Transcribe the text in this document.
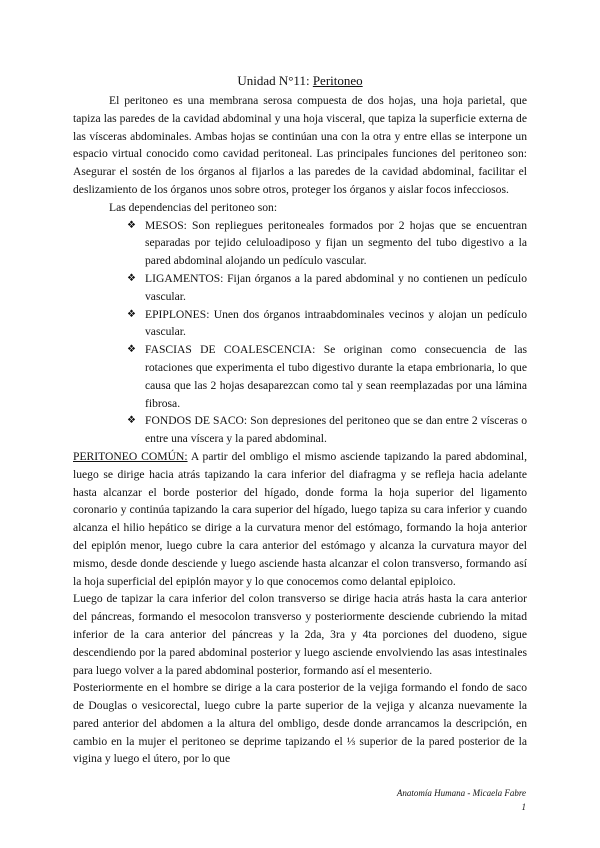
Unidad N°11: Peritoneo

El peritoneo es una membrana serosa compuesta de dos hojas, una hoja parietal, que tapiza las paredes de la cavidad abdominal y una hoja visceral, que tapiza la superficie externa de las vísceras abdominales. Ambas hojas se continúan una con la otra y entre ellas se interpone un espacio virtual conocido como cavidad peritoneal. Las principales funciones del peritoneo son: Asegurar el sostén de los órganos al fijarlos a las paredes de la cavidad abdominal, facilitar el deslizamiento de los órganos unos sobre otros, proteger los órganos y aislar focos infecciosos.

Las dependencias del peritoneo son:

❖ MESOS: Son repliegues peritoneales formados por 2 hojas que se encuentran separadas por tejido celuloadiposo y fijan un segmento del tubo digestivo a la pared abdominal alojando un pedículo vascular.
❖ LIGAMENTOS: Fijan órganos a la pared abdominal y no contienen un pedículo vascular.
❖ EPIPLONES: Unen dos órganos intraabdominales vecinos y alojan un pedículo vascular.
❖ FASCIAS DE COALESCENCIA: Se originan como consecuencia de las rotaciones que experimenta el tubo digestivo durante la etapa embrionaria, lo que causa que las 2 hojas desaparezcan como tal y sean reemplazadas por una lámina fibrosa.
❖ FONDOS DE SACO: Son depresiones del peritoneo que se dan entre 2 vísceras o entre una víscera y la pared abdominal.

PERITONEO COMÚN: A partir del ombligo el mismo asciende tapizando la pared abdominal, luego se dirige hacia atrás tapizando la cara inferior del diafragma y se refleja hacia adelante hasta alcanzar el borde posterior del hígado, donde forma la hoja superior del ligamento coronario y continúa tapizando la cara superior del hígado, luego tapiza su cara inferior y cuando alcanza el hilio hepático se dirige a la curvatura menor del estómago, formando la hoja anterior del epiplón menor, luego cubre la cara anterior del estómago y alcanza la curvatura mayor del mismo, desde donde desciende y luego asciende hasta alcanzar el colon transverso, formando así la hoja superficial del epiplón mayor y lo que conocemos como delantal epiploico.

Luego de tapizar la cara inferior del colon transverso se dirige hacia atrás hasta la cara anterior del páncreas, formando el mesocolon transverso y posteriormente desciende cubriendo la mitad inferior de la cara anterior del páncreas y la 2da, 3ra y 4ta porciones del duodeno, sigue descendiendo por la pared abdominal posterior y luego asciende envolviendo las asas intestinales para luego volver a la pared abdominal posterior, formando así el mesenterio.

Posteriormente en el hombre se dirige a la cara posterior de la vejiga formando el fondo de saco de Douglas o vesicorectal, luego cubre la parte superior de la vejiga y alcanza nuevamente la pared anterior del abdomen a la altura del ombligo, desde donde arrancamos la descripción, en cambio en la mujer el peritoneo se deprime tapizando el ⅓ superior de la pared posterior de la vigina y luego el útero, por lo que

Anatomía Humana - Micaela Fabre
1
